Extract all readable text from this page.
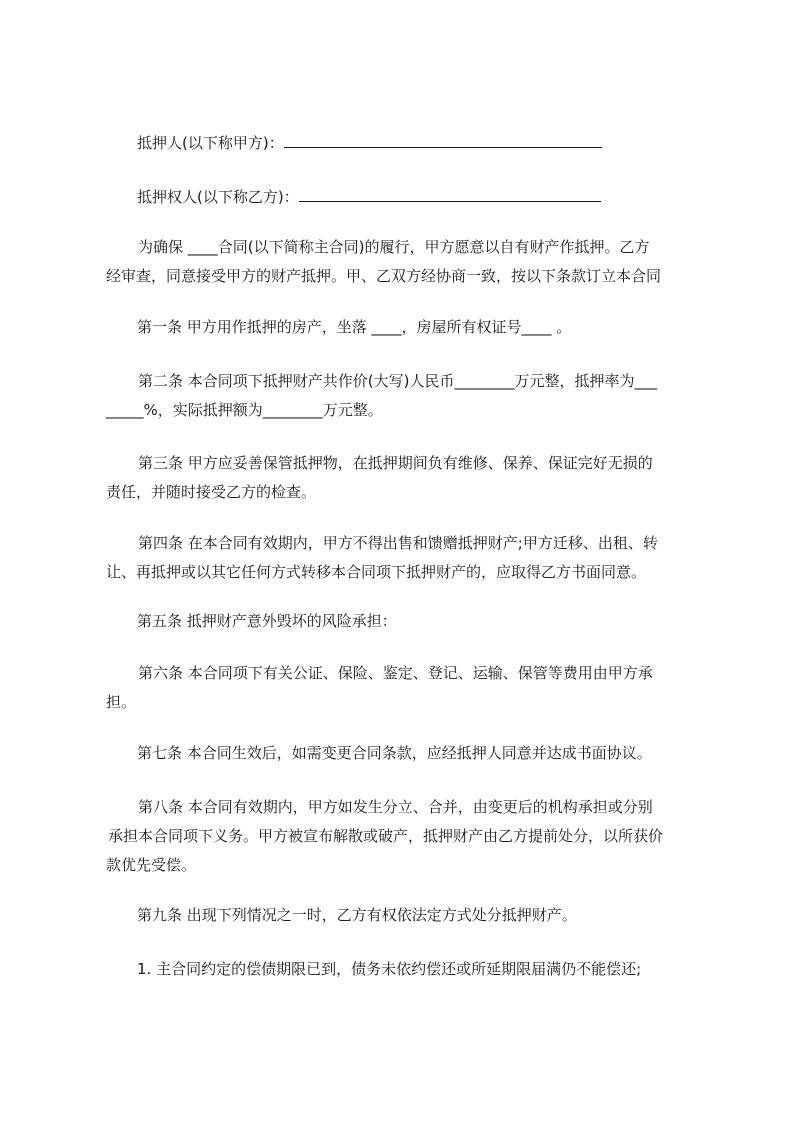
抵押人(以下称甲方)：
抵押权人(以下称乙方)：
为确保 ____合同(以下简称主合同)的履行，甲方愿意以自有财产作抵押。乙方
经审查，同意接受甲方的财产抵押。甲、乙双方经协商一致，按以下条款订立本合同
第一条 甲方用作抵押的房产，坐落 ____，房屋所有权证号____ 。
第二条 本合同项下抵押财产共作价(大写)人民币________万元整，抵押率为___
_____%，实际抵押额为________万元整。
第三条 甲方应妥善保管抵押物，在抵押期间负有维修、保养、保证完好无损的
责任，并随时接受乙方的检查。
第四条 在本合同有效期内，甲方不得出售和馈赠抵押财产;甲方迁移、出租、转
让、再抵押或以其它任何方式转移本合同项下抵押财产的，应取得乙方书面同意。
第五条 抵押财产意外毁坏的风险承担：
第六条 本合同项下有关公证、保险、鉴定、登记、运输、保管等费用由甲方承
担。
第七条 本合同生效后，如需变更合同条款，应经抵押人同意并达成书面协议。
第八条 本合同有效期内，甲方如发生分立、合并，由变更后的机构承担或分别
承担本合同项下义务。甲方被宣布解散或破产，抵押财产由乙方提前处分，以所获价
款优先受偿。
第九条 出现下列情况之一时，乙方有权依法定方式处分抵押财产。
1. 主合同约定的偿债期限已到，债务未依约偿还或所延期限届满仍不能偿还;
